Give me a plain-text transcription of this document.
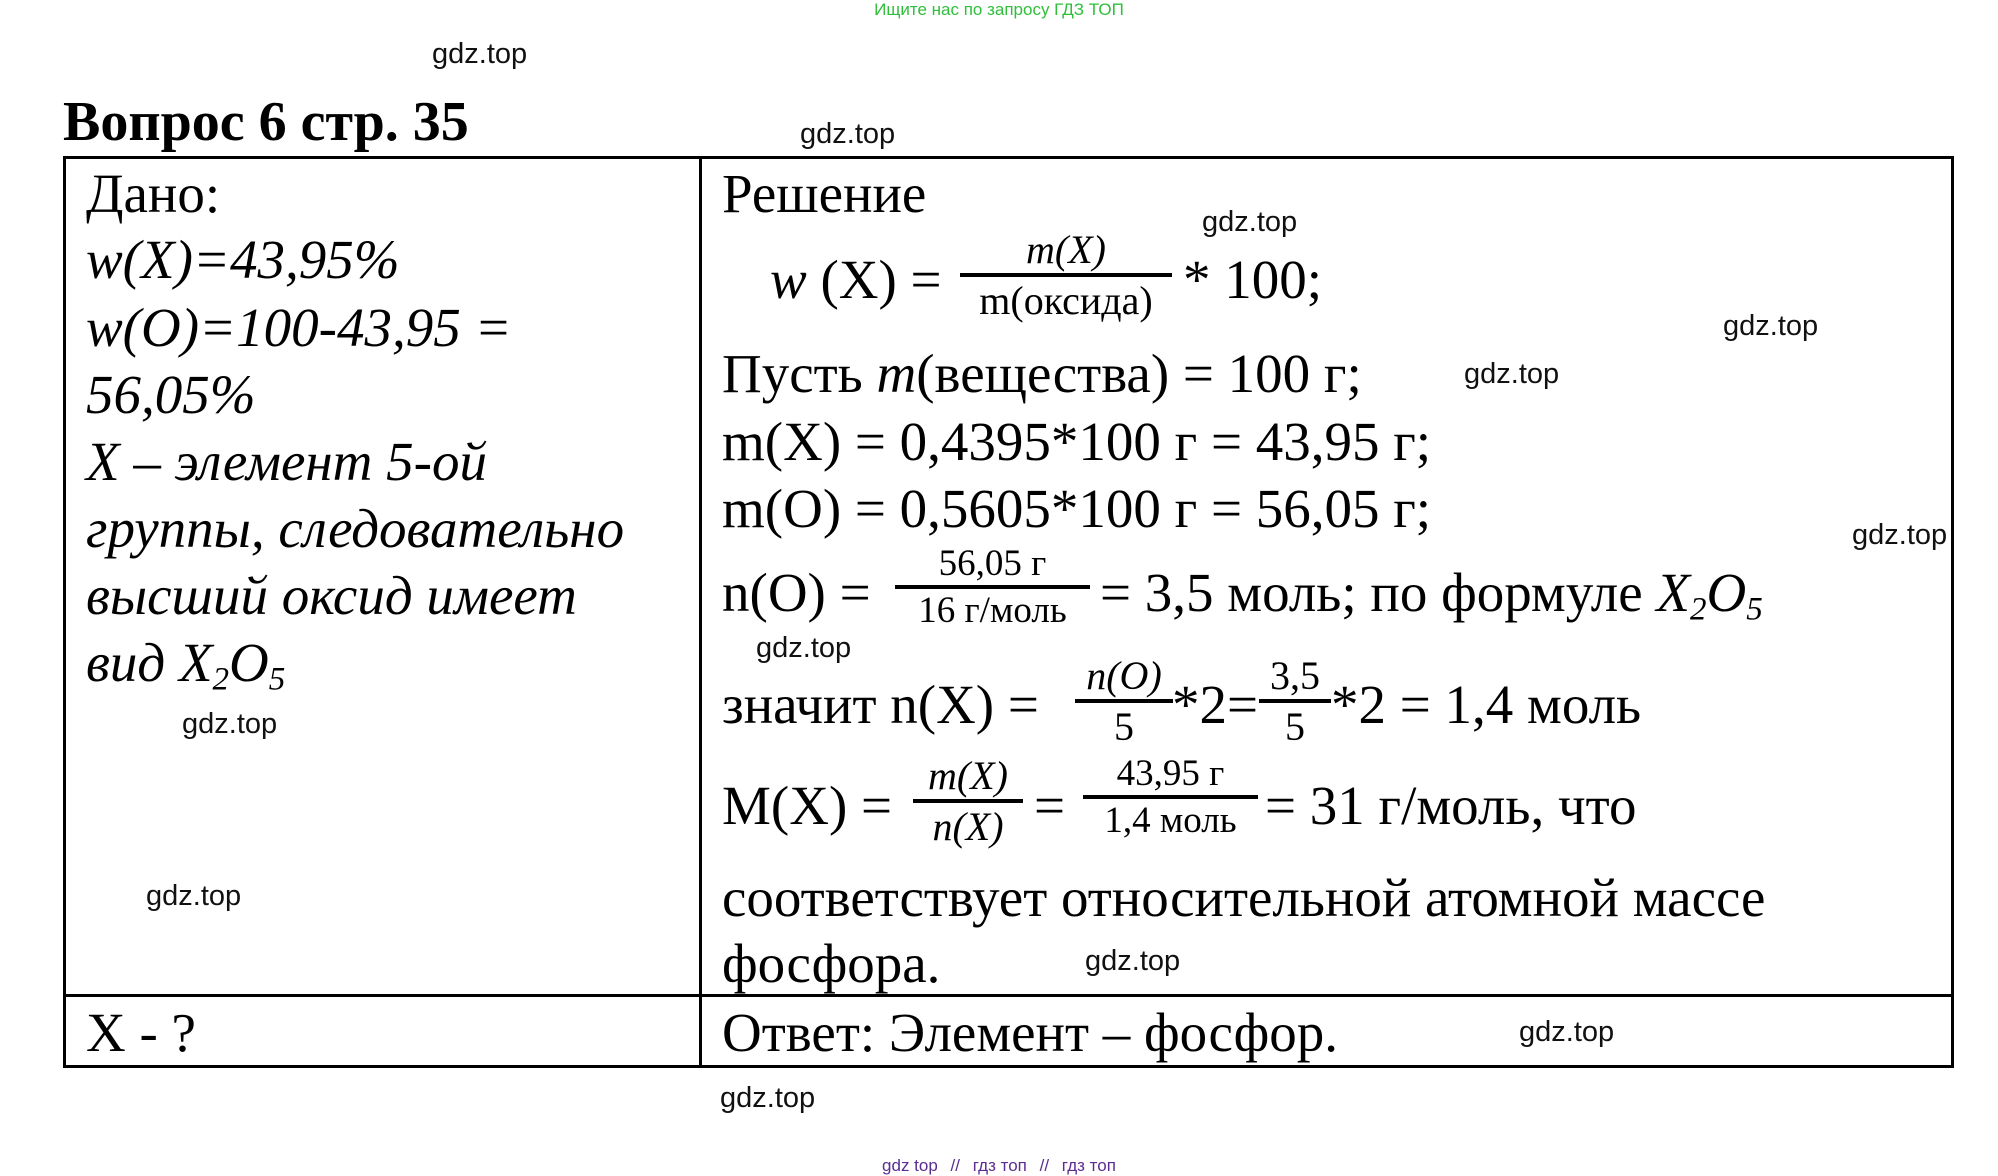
Ищите нас по запросу ГДЗ ТОП
Вопрос 6 стр. 35
Дано:
w(X)=43,95%
w(O)=100-43,95 =
56,05%
X – элемент 5-ой
группы, следовательно
высший оксид имеет
вид $X_2O_5$
X - ?
Решение
w (X) =	m(X)
m(оксида) * 100;
Пусть m(вещества) = 100 г;
m(X) = 0,4395*100 г = 43,95 г;
m(O) = 0,5605*100 г = 56,05 г;
n(O) =	56,05 г
16 г/моль = 3,5 моль; по формуле $X_2O_5$
значит n(X) = n(O)
5 *2= 3,5
5 *2 = 1,4 моль
M(X) = m(X)
n(X) =
43,95 г
1,4 моль = 31 г/моль, что
соответствует относительной атомной массе
фосфора.
Ответ: Элемент – фосфор.
gdz.top
gdz.top
gdz.top
gdz.top
gdz.top
gdz.top
gdz.top
gdz.top
gdz.top
gdz.top
gdz.top
gdz.top
gdz top // гдз топ // гдз топ
